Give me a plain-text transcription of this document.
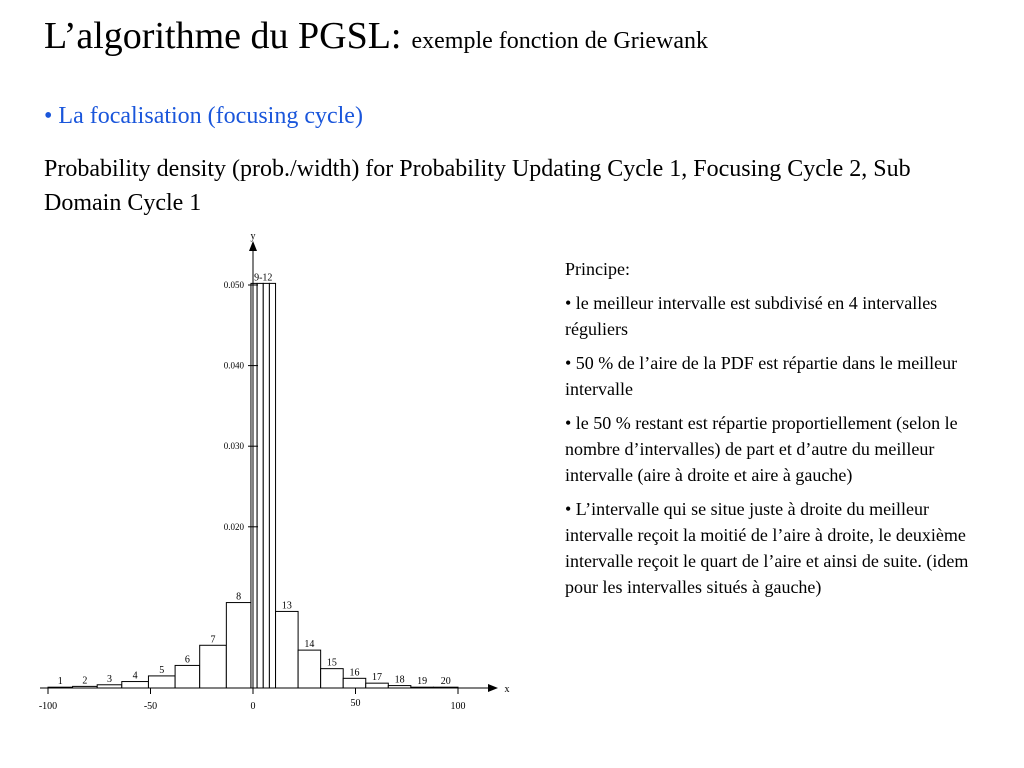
L’algorithme du PGSL: exemple fonction de Griewank
• La focalisation (focusing cycle)
Probability density (prob./width) for Probability Updating Cycle 1, Focusing Cycle 2, Sub Domain Cycle 1
1 2 3 4
5
6
7
8
13
14
15
16 17 18 19 20
9-12
x
y
-100	-50	0	50	100
0.020
0.030
0.040
0.050

Principe:

• le meilleur intervalle est subdivisé en 4 intervalles réguliers

• 50 % de l’aire de la PDF est répartie dans le meilleur intervalle

• le 50 % restant est répartie proportiellement (selon le nombre d’intervalles) de part et d’autre du meilleur intervalle (aire à droite et aire à gauche)

• L’intervalle qui se situe juste à droite du meilleur intervalle reçoit la moitié de l’aire à droite, le deuxième intervalle reçoit le quart de l’aire et ainsi de suite. (idem pour les intervalles situés à gauche)
